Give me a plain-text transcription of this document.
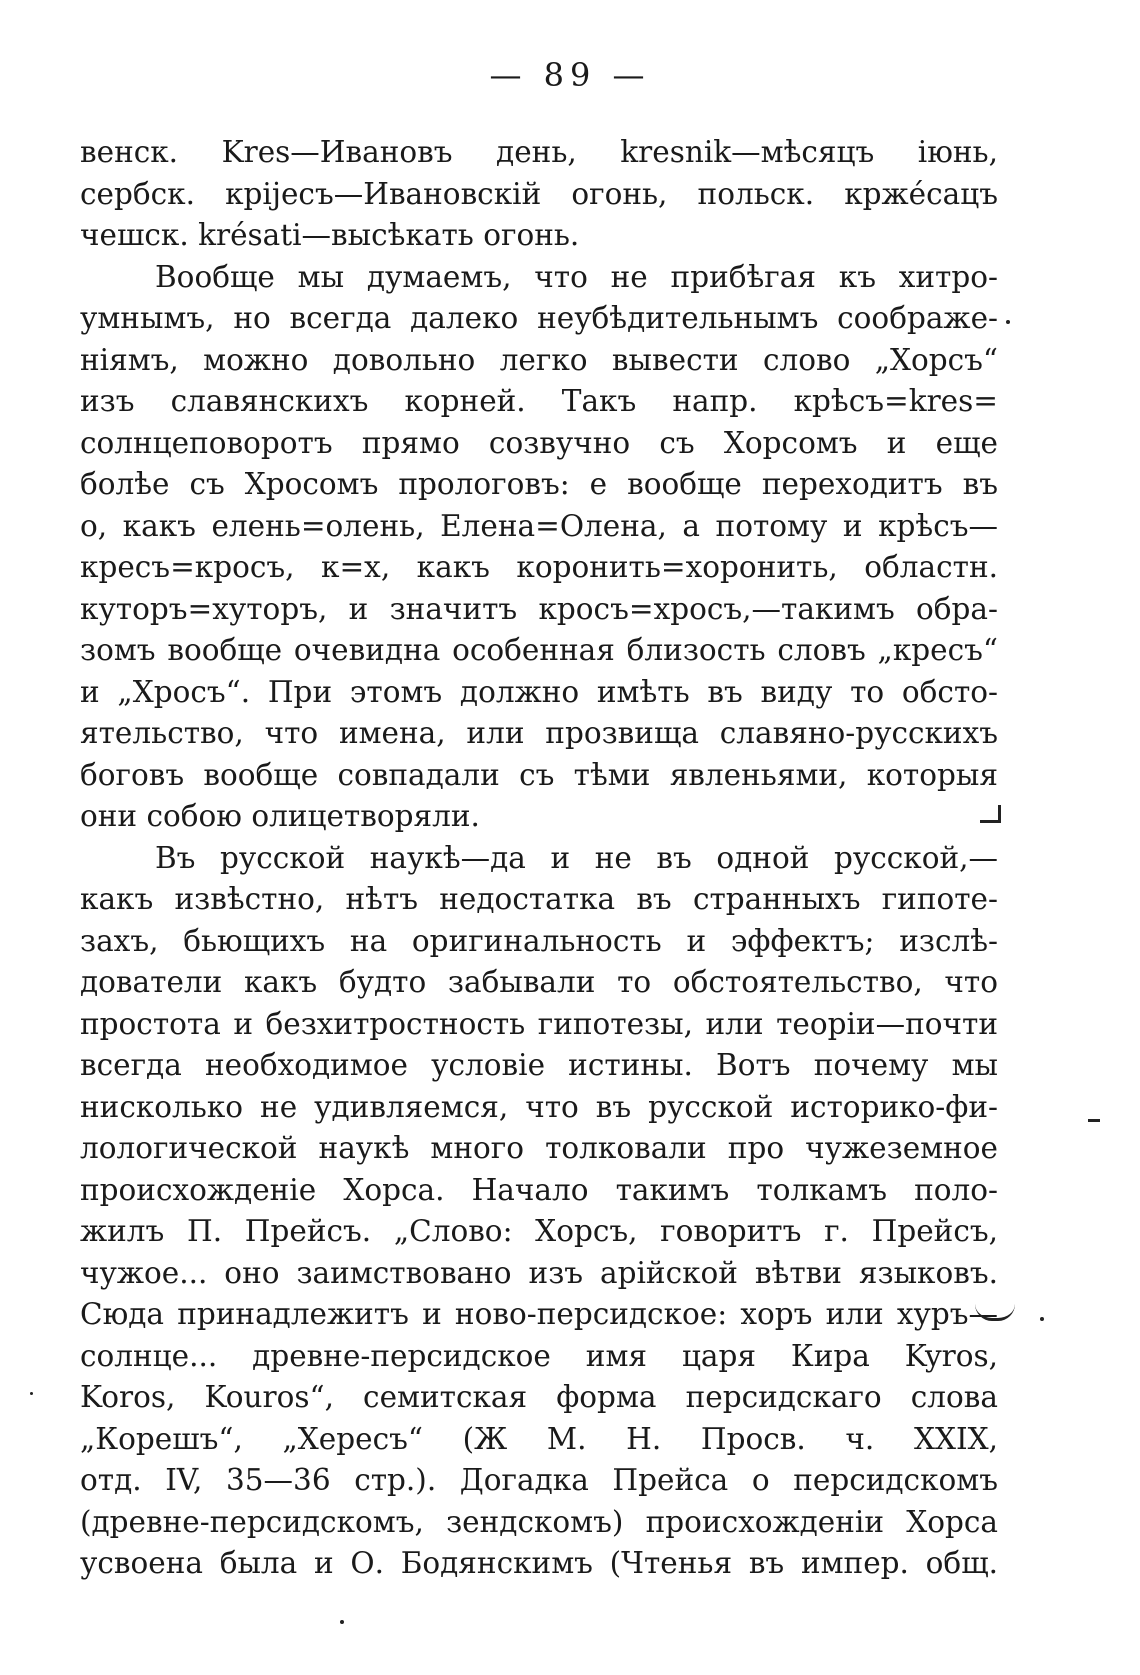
— 89 —
венск. Kres—Ивановъ день, kresnik—мѣсяцъ іюнь,
сербск. крijесъ—Ивановскій огонь, польск. кржéсацъ
чешск. krésati—высѣкать огонь.
Вообще мы думаемъ, что не прибѣгая къ хитро-
умнымъ, но всегда далеко неубѣдительнымъ соображе-
ніямъ, можно довольно легко вывести слово „Хорсъ“
изъ славянскихъ корней. Такъ напр. крѣсъ=kres=
солнцеповоротъ прямо созвучно съ Хорсомъ и еще
болѣе съ Хросомъ прологовъ: е вообще переходитъ въ
о, какъ елень=олень, Елена=Олена, а потому и крѣсъ—
кресъ=кросъ, к=х, какъ коронить=хоронить, областн.
куторъ=хуторъ, и значитъ кросъ=хросъ,—такимъ обра-
зомъ вообще очевидна особенная близость словъ „кресъ“
и „Хросъ“. При этомъ должно имѣть въ виду то обсто-
ятельство, что имена, или прозвища славяно-русскихъ
боговъ вообще совпадали съ тѣми явленьями, которыя
они собою олицетворяли.
Въ русской наукѣ—да и не въ одной русской,—
какъ извѣстно, нѣтъ недостатка въ странныхъ гипоте-
захъ, бьющихъ на оригинальность и эффектъ; изслѣ-
дователи какъ будто забывали то обстоятельство, что
простота и безхитростность гипотезы, или теоріи—почти
всегда необходимое условіе истины. Вотъ почему мы
нисколько не удивляемся, что въ русской историко-фи-
лологической наукѣ много толковали про чужеземное
происхожденіе Хорса. Начало такимъ толкамъ поло-
жилъ П. Прейсъ. „Слово: Хорсъ, говоритъ г. Прейсъ,
чужое... оно заимствовано изъ арійской вѣтви языковъ.
Сюда принадлежитъ и ново-персидское: хоръ или хуръ—
солнце... древне-персидское имя царя Кира Kyros,
Koros, Kouros“, семитская форма персидскаго слова
„Корешъ“, „Хересъ“ (Ж М. Н. Просв. ч. XXIX,
отд. IV, 35—36 стр.). Догадка Прейса о персидскомъ
(древне-персидскомъ, зендскомъ) происхожденіи Хорса
усвоена была и О. Бодянскимъ (Чтенья въ импер. общ.
